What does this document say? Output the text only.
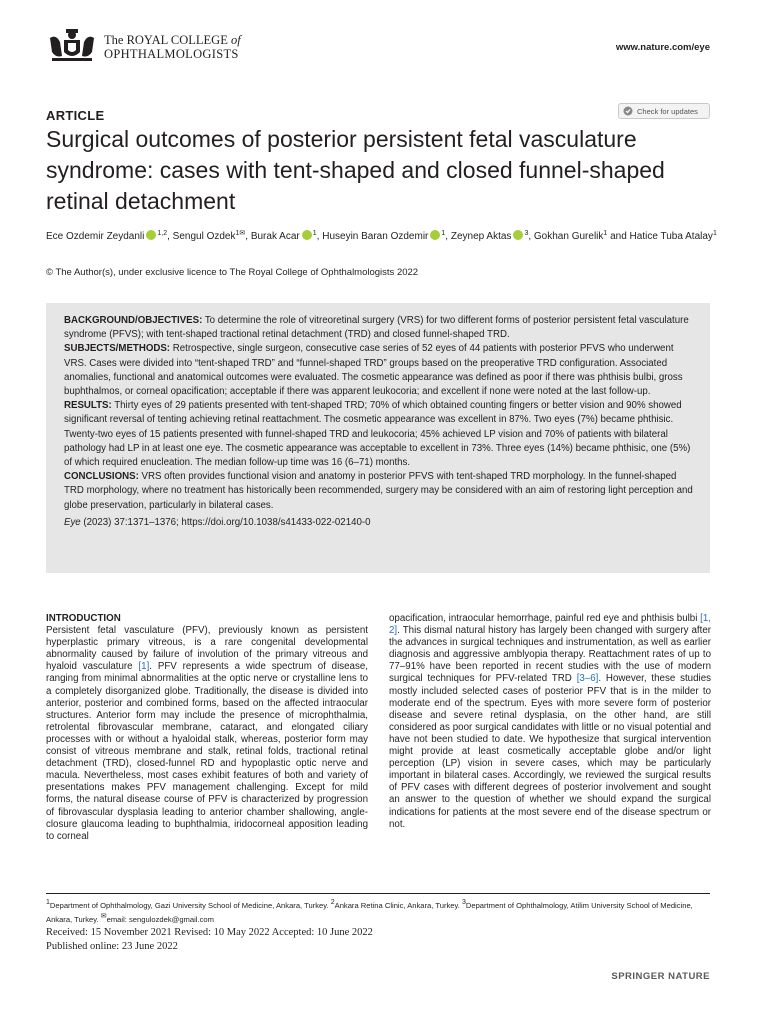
The ROYAL COLLEGE of
OPHTHALMOLOGISTS	www.nature.com/eye
ARTICLE	Check for updates
Surgical outcomes of posterior persistent fetal vasculature syndrome: cases with tent-shaped and closed funnel-shaped retinal detachment
Ece Ozdemir Zeydanli $^{1,2}$, Sengul Ozdek$^{1✉}$, Burak Acar $^1$, Huseyin Baran Ozdemir $^1$, Zeynep Aktas $^3$, Gokhan Gurelik$^1$ and Hatice Tuba Atalay$^1$
© The Author(s), under exclusive licence to The Royal College of Ophthalmologists 2022

BACKGROUND/OBJECTIVES: To determine the role of vitreoretinal surgery (VRS) for two different forms of posterior persistent fetal vasculature syndrome (PFVS); with tent-shaped tractional retinal detachment (TRD) and closed funnel-shaped TRD.

SUBJECTS/METHODS: Retrospective, single surgeon, consecutive case series of 52 eyes of 44 patients with posterior PFVS who underwent VRS. Cases were divided into “tent-shaped TRD” and “funnel-shaped TRD” groups based on the preoperative TRD configuration. Associated anomalies, functional and anatomical outcomes were evaluated. The cosmetic appearance was defined as poor if there was phthisis bulbi, gross buphthalmos, or corneal opacification; acceptable if there was apparent leukocoria; and excellent if none were noted at the last follow-up.

RESULTS: Thirty eyes of 29 patients presented with tent-shaped TRD; 70% of which obtained counting fingers or better vision and 90% showed significant reversal of tenting achieving retinal reattachment. The cosmetic appearance was excellent in 87%. Two eyes (7%) became phthisic. Twenty-two eyes of 15 patients presented with funnel-shaped TRD and leukocoria; 45% achieved LP vision and 70% of patients with bilateral pathology had LP in at least one eye. The cosmetic appearance was acceptable to excellent in 73%. Three eyes (14%) became phthisic, one (5%) of which required enucleation. The median follow-up time was 16 (6–71) months.

CONCLUSIONS: VRS often provides functional vision and anatomy in posterior PFVS with tent-shaped TRD morphology. In the funnel-shaped TRD morphology, where no treatment has historically been recommended, surgery may be considered with an aim of restoring light perception and globe preservation, particularly in bilateral cases.

Eye (2023) 37:1371–1376; https://doi.org/10.1038/s41433-022-02140-0

INTRODUCTION

Persistent fetal vasculature (PFV), previously known as persistent hyperplastic primary vitreous, is a rare congenital developmental abnormality caused by failure of involution of the primary vitreous and hyaloid vasculature [1]. PFV represents a wide spectrum of disease, ranging from minimal abnormalities at the optic nerve or crystalline lens to a completely disorganized globe. Traditionally, the disease is divided into anterior, posterior and combined forms, based on the affected intraocular structures. Anterior form may include the presence of microphthalmia, retrolental fibrovascular membrane, cataract, and elongated ciliary processes with or without a hyaloidal stalk, whereas, posterior form may consist of vitreous membrane and stalk, retinal folds, tractional retinal detachment (TRD), closed-funnel RD and hypoplastic optic nerve and macula. Nevertheless, most cases exhibit features of both and variety of presentations makes PFV management challenging. Except for mild forms, the natural disease course of PFV is characterized by progression of fibrovascular dysplasia leading to anterior chamber shallowing, angle-closure glaucoma leading to buphthalmia, iridocorneal apposition leading to corneal

opacification, intraocular hemorrhage, painful red eye and phthisis bulbi [1, 2]. This dismal natural history has largely been changed with surgery after the advances in surgical techniques and instrumentation, as well as earlier diagnosis and aggressive amblyopia therapy. Reattachment rates of up to 77–91% have been reported in recent studies with the use of modern surgical techniques for PFV-related TRD [3–6]. However, these studies mostly included selected cases of posterior PFV that is in the milder to moderate end of the spectrum. Eyes with more severe form of posterior disease and severe retinal dysplasia, on the other hand, are still considered as poor surgical candidates with little or no visual potential and have not been studied to date. We hypothesize that surgical intervention might provide at least cosmetically acceptable globe and/or light perception (LP) vision in severe cases, which may be particularly important in bilateral cases. Accordingly, we reviewed the surgical results of PFV cases with different degrees of posterior involvement and sought an answer to the question of whether we should expand the surgical indications for patients at the most severe end of the disease spectrum or not.

1Department of Ophthalmology, Gazi University School of Medicine, Ankara, Turkey. 2Ankara Retina Clinic, Ankara, Turkey. 3Department of Ophthalmology, Atilim University School of Medicine, Ankara, Turkey. ✉email: sengulozdek@gmail.com
Received: 15 November 2021 Revised: 10 May 2022 Accepted: 10 June 2022
Published online: 23 June 2022
SPRINGER NATURE
